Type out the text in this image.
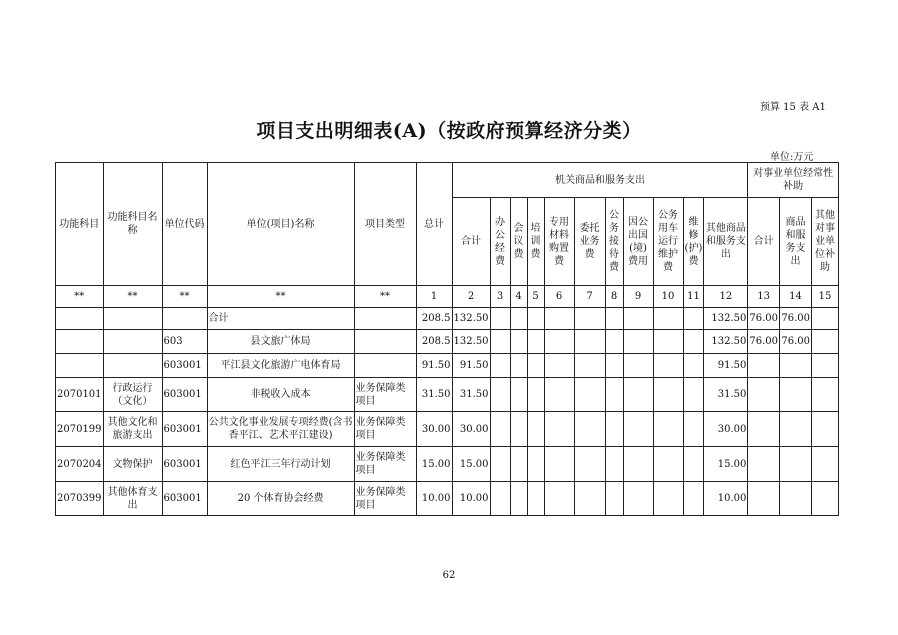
预算 15 表 A1
项目支出明细表(A)（按政府预算经济分类）
单位:万元
功能科目	功能科目名称	单位代码	单位(项目)名称	项目类型	总计	机关商品和服务支出											对事业单位经常性补助		
						合计	办公经费	会议费	培训费	专用材料购置费	委托业务费	公务接待费	因公出国(境)费用	公务用车运行维护费	维修(护)费	其他商品和服务支出	合计	商品和服务支出	其他对事业单位补助
**	**	**	**	**	1	2	3	4	5	6	7	8	9	10	11	12	13	14	15
			合计		208.5	132.50										132.50	76.00	76.00	
		603	县文旅广体局		208.5	132.50										132.50	76.00	76.00	
		603001	平江县文化旅游广电体育局		91.50	91.50										91.50			
2070101	行政运行（文化）	603001	非税收入成本	业务保障类项目	31.50	31.50										31.50			
2070199	其他文化和旅游支出	603001	公共文化事业发展专项经费(含书香平江、艺术平江建设)	业务保障类项目	30.00	30.00										30.00			
2070204	文物保护	603001	红色平江三年行动计划	业务保障类项目	15.00	15.00										15.00			
2070399	其他体育支出	603001	20 个体育协会经费	业务保障类项目	10.00	10.00										10.00			
62
